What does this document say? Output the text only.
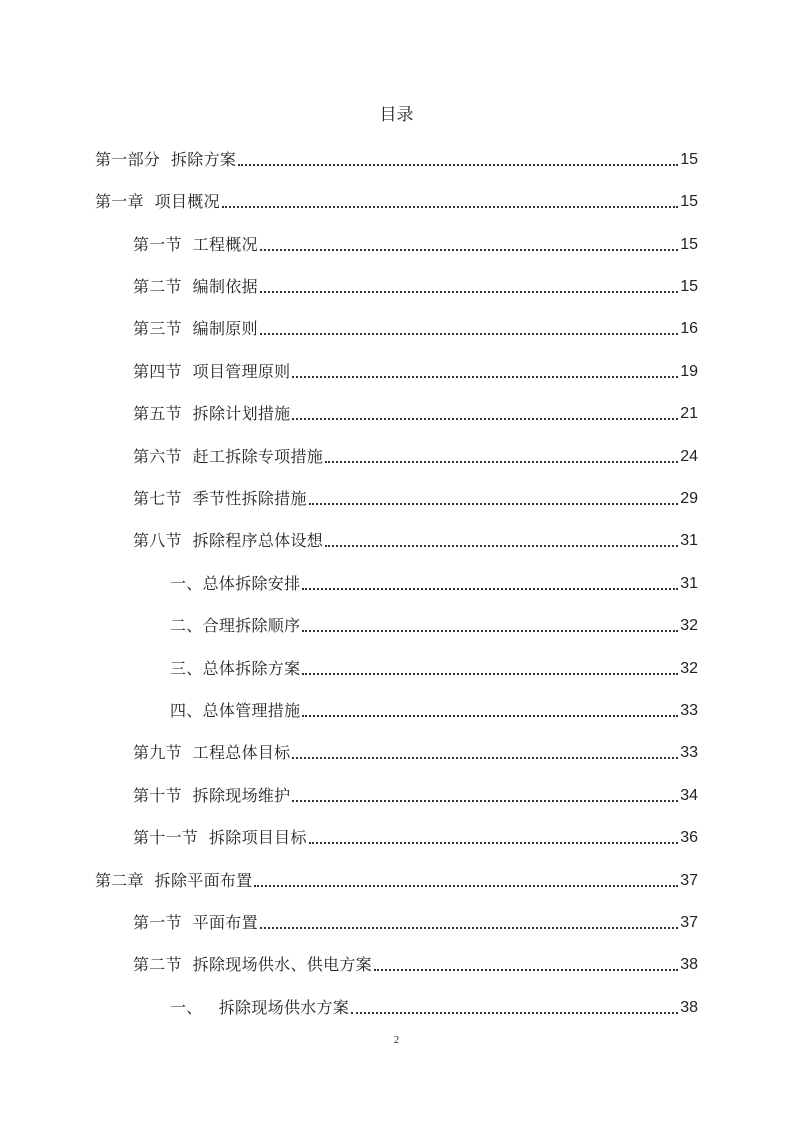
目录
第一部分  拆除方案	15
第一章  项目概况	15
第一节  工程概况	15
第二节  编制依据	15
第三节  编制原则	16
第四节  项目管理原则	19
第五节  拆除计划措施	21
第六节  赶工拆除专项措施	24
第七节  季节性拆除措施	29
第八节  拆除程序总体设想	31
一、总体拆除安排	31
二、合理拆除顺序	32
三、总体拆除方案	32
四、总体管理措施	33
第九节  工程总体目标	33
第十节  拆除现场维护	34
第十一节  拆除项目目标	36
第二章  拆除平面布置	37
第一节  平面布置	37
第二节  拆除现场供水、供电方案	38
一、   拆除现场供水方案	38
2
